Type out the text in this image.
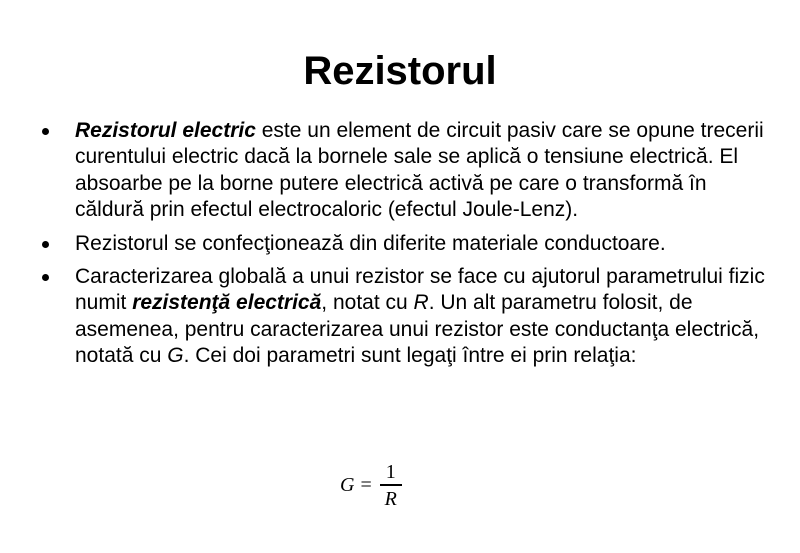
Rezistorul
Rezistorul electric este un element de circuit pasiv care se opune trecerii curentului electric dacă la bornele sale se aplică o tensiune electrică. El absoarbe pe la borne putere electrică activă pe care o transformă în căldură prin efectul electrocaloric (efectul Joule-Lenz).
Rezistorul se confecţionează din diferite materiale conductoare.
Caracterizarea globală a unui rezistor se face cu ajutorul parametrului fizic numit rezistenţă electrică, notat cu R. Un alt parametru folosit, de asemenea, pentru caracterizarea unui rezistor este conductanţa electrică, notată cu G. Cei doi parametri sunt legaţi între ei prin relaţia:
$G = \frac{1}{R}$
